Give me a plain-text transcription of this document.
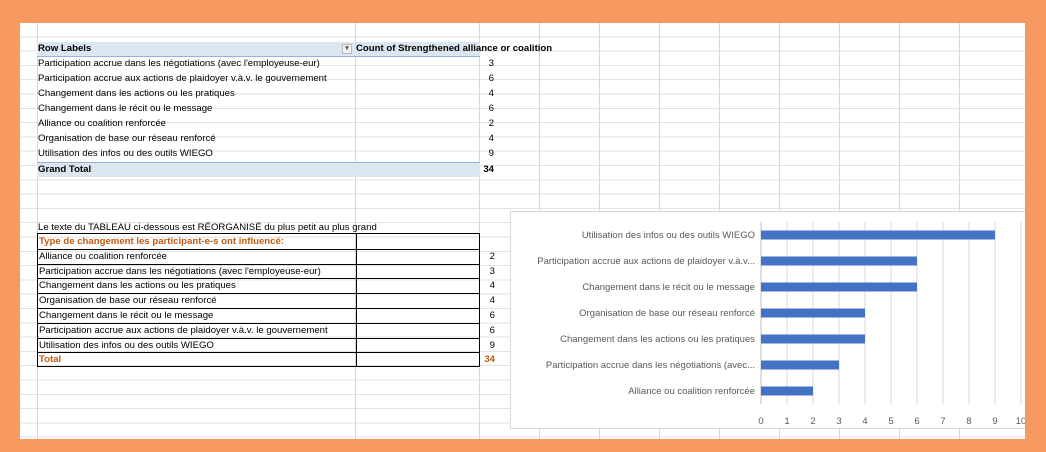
Row Labels	▾ Count of Strengthened alliance or coalition
Participation accrue dans les négotiations (avec l'employeuse-eur)	3
Participation accrue aux actions de plaidoyer v.à.v. le gouvernement	6
Changement dans les actions ou les pratiques	4
Changement dans le récit ou le message	6
Alliance ou coalition renforcée	2
Organisation de base our réseau renforcé	4
Utilisation des infos ou des outils WIEGO	9
Grand Total	34
Le texte du TABLEAU ci-dessous est RÉORGANISÉ du plus petit au plus grand
Type de changement les participant-e-s ont influencé:
Alliance ou coalition renforcée	2
Participation accrue dans les négotiations (avec l'employeuse-eur)	3
Changement dans les actions ou les pratiques	4
Organisation de base our réseau renforcé	4
Changement dans le récit ou le message	6
Participation accrue aux actions de plaidoyer v.à.v. le gouvernement	6
Utilisation des infos ou des outils WIEGO	9
Total	34
Utilisation des infos ou des outils WIEGO
Participation accrue aux actions de plaidoyer v.à.v...
Changement dans le récit ou le message
Organisation de base our réseau renforcé
Changement dans les actions ou les pratiques
Participation accrue dans les négotiations (avec...
Alliance ou coalition renforcée
0 1 2 3 4 5 6 7 8 9 10
